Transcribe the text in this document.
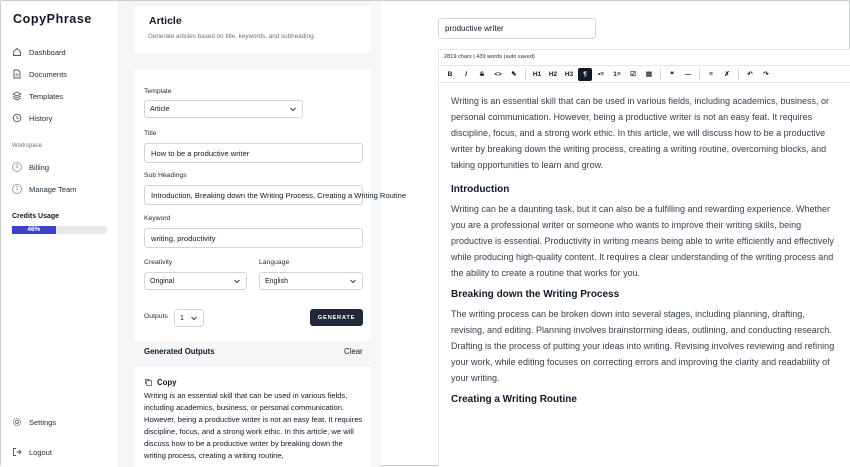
CopyPhrase
Dashboard
Documents
Templates
History
Workspace
0	Billing
1	Manage Team
Credits Usage
46%
Settings
Logout
Article
Generate articles based on title, keywords, and subheading.
Template
Article
Title
How to be a productive writer
Sub Headings
Introduction, Breaking down the Writing Process, Creating a Writing Routine
Keyword
writing, productivity
Creativity
Original
Language
English
Outputs 1	GENERATE
Generated Outputs	Clear
Copy
Writing is an essential skill that can be used in various fields, including academics, business, or personal communication. However, being a productive writer is not an easy feat. It requires discipline, focus, and a strong work ethic. In this article, we will discuss how to be a productive writer by breaking down the writing process, creating a writing routine,
productive writer
2819 chars | 439 words (auto saved)
B	I	S	<>	✎	H1	H2	H3	¶	•≡	1≡	☑	▤	❝	—	≡	✗	↶	↷

Writing is an essential skill that can be used in various fields, including academics, business, or personal communication. However, being a productive writer is not an easy feat. It requires discipline, focus, and a strong work ethic. In this article, we will discuss how to be a productive writer by breaking down the writing process, creating a writing routine, overcoming blocks, and taking opportunities to learn and grow.

Introduction

Writing can be a daunting task, but it can also be a fulfilling and rewarding experience. Whether you are a professional writer or someone who wants to improve their writing skills, being productive is essential. Productivity in writing means being able to write efficiently and effectively while producing high-quality content. It requires a clear understanding of the writing process and the ability to create a routine that works for you.

Breaking down the Writing Process

The writing process can be broken down into several stages, including planning, drafting, revising, and editing. Planning involves brainstorming ideas, outlining, and conducting research. Drafting is the process of putting your ideas into writing. Revising involves reviewing and refining your work, while editing focuses on correcting errors and improving the clarity and readability of your writing.

Creating a Writing Routine
